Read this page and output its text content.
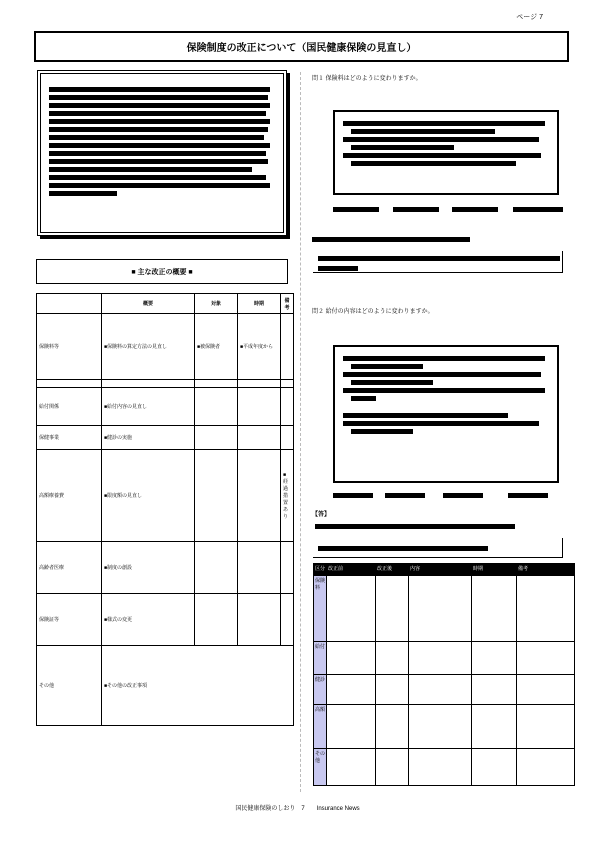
ページ 7
保険制度の改正について（国民健康保険の見直し）
■ 主な改正の概要 ■
	概要	対象	時期	備考
保険料等	■保険料の算定方法の見直し	■被保険者	■平成年度から	

給付関係	■給付内容の見直し			
保健事業	■健診の実施			
高額療養費	■限度額の見直し			■経過措置あり
高齢者医療	■制度の創設			
保険証等	■様式の変更			
その他	■その他の改正事項			
問１ 保険料はどのように変わりますか。
問２ 給付の内容はどのように変わりますか。
【答】
区分	改正前	改正後	内容	時期	備考
保険料					
給付					
健診					
高額					
その他					
国民健康保険のしおり　7　　Insurance News
